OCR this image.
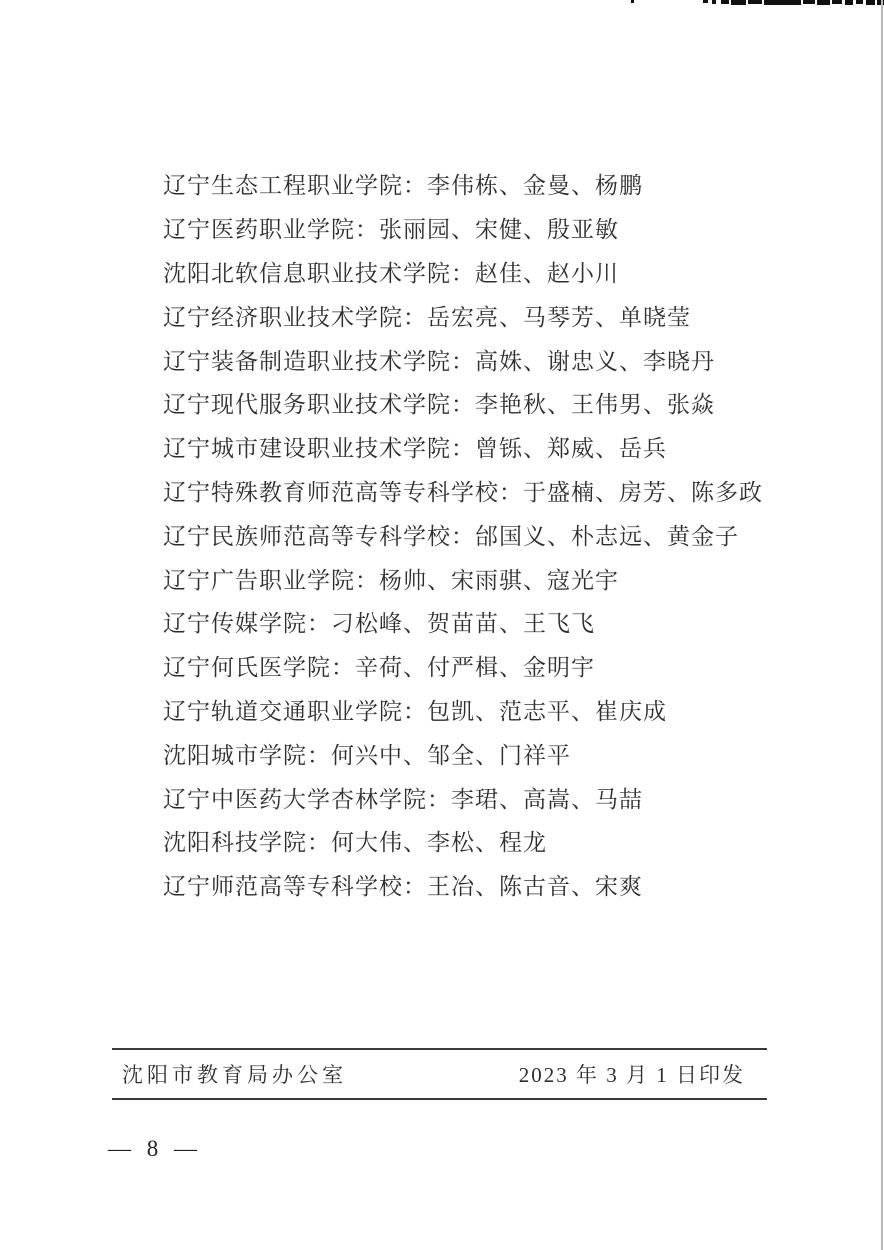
辽宁生态工程职业学院：李伟栋、金曼、杨鹏
辽宁医药职业学院：张丽园、宋健、殷亚敏
沈阳北软信息职业技术学院：赵佳、赵小川
辽宁经济职业技术学院：岳宏亮、马琴芳、单晓莹
辽宁装备制造职业技术学院：高姝、谢忠义、李晓丹
辽宁现代服务职业技术学院：李艳秋、王伟男、张焱
辽宁城市建设职业技术学院：曾铄、郑威、岳兵
辽宁特殊教育师范高等专科学校：于盛楠、房芳、陈多政
辽宁民族师范高等专科学校：邰国义、朴志远、黄金子
辽宁广告职业学院：杨帅、宋雨骐、寇光宇
辽宁传媒学院：刁松峰、贺苗苗、王飞飞
辽宁何氏医学院：辛荷、付严楫、金明宇
辽宁轨道交通职业学院：包凯、范志平、崔庆成
沈阳城市学院：何兴中、邹全、门祥平
辽宁中医药大学杏林学院：李珺、高嵩、马喆
沈阳科技学院：何大伟、李松、程龙
辽宁师范高等专科学校：王冶、陈古音、宋爽
沈阳市教育局办公室	2023 年 3 月 1 日印发
— 8 —
